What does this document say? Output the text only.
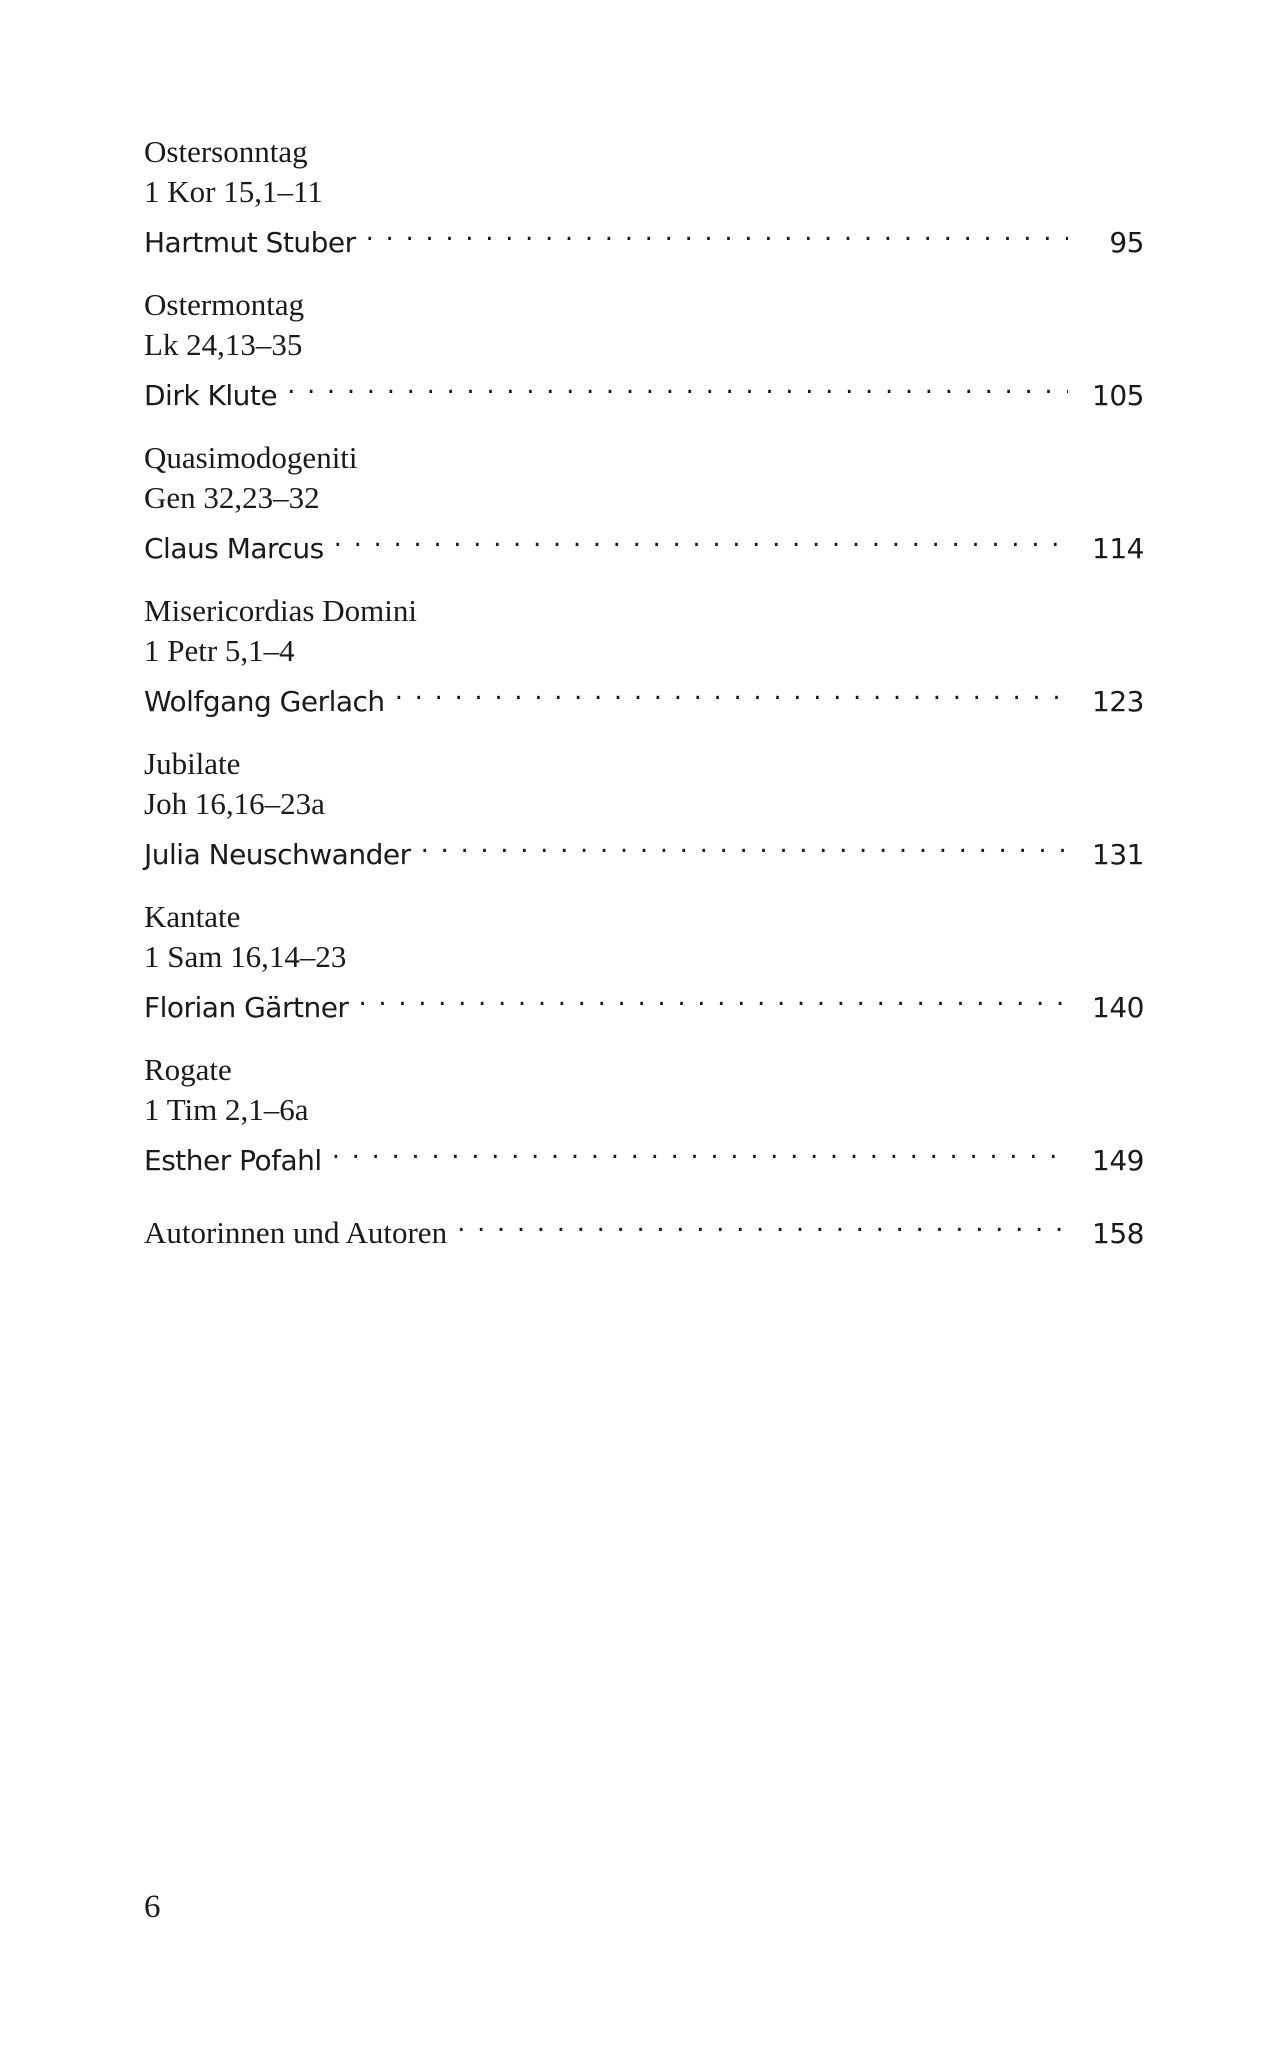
Ostersonntag
1 Kor 15,1–11
Hartmut Stuber . . .	95
Ostermontag
Lk 24,13–35
Dirk Klute . . .	105
Quasimodogeniti
Gen 32,23–32
Claus Marcus . . .	114
Misericordias Domini
1 Petr 5,1–4
Wolfgang Gerlach . . .	123
Jubilate
Joh 16,16–23a
Julia Neuschwander . . .	131
Kantate
1 Sam 16,14–23
Florian Gärtner . . .	140
Rogate
1 Tim 2,1–6a
Esther Pofahl . . .	149
Autorinnen und Autoren . . .	158
6
